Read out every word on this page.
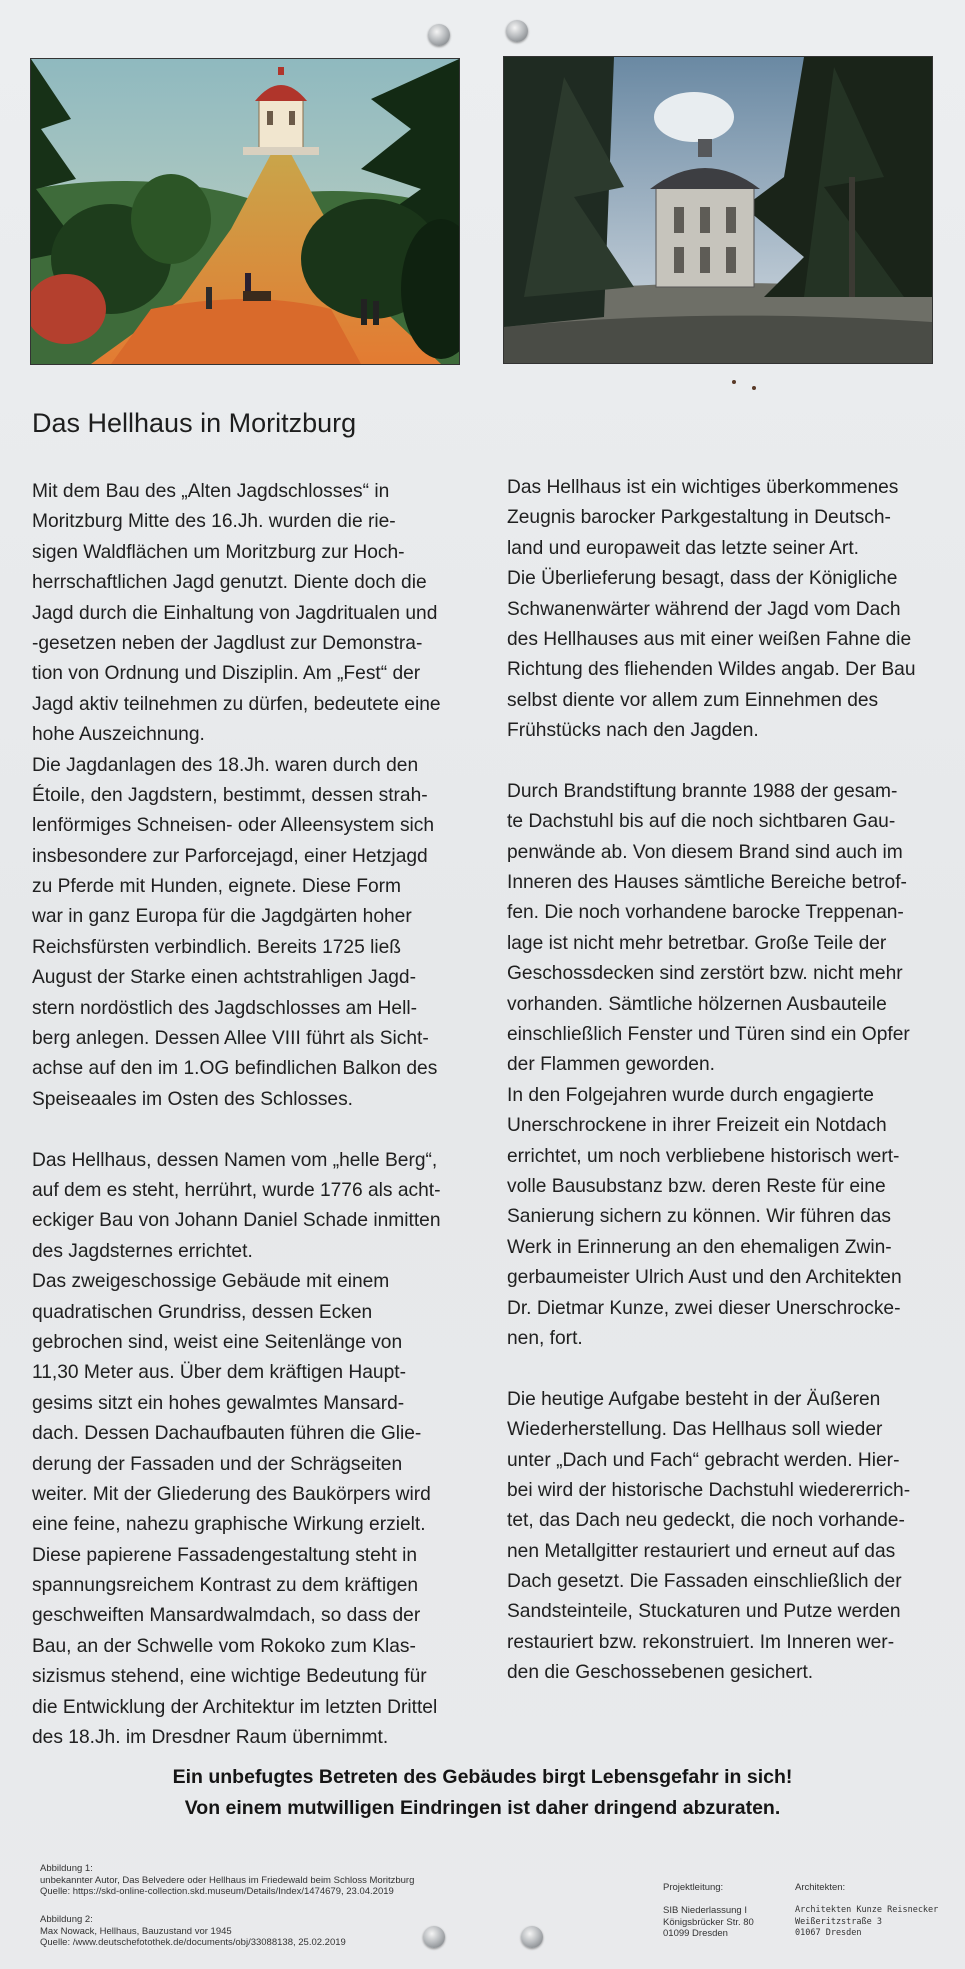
Das Hellhaus in Moritzburg
Mit dem Bau des „Alten Jagdschlosses“ in
Moritzburg Mitte des 16.Jh. wurden die rie-
sigen Waldflächen um Moritzburg zur Hoch-
herrschaftlichen Jagd genutzt. Diente doch die
Jagd durch die Einhaltung von Jagdritualen und
-gesetzen neben der Jagdlust zur Demonstra-
tion von Ordnung und Disziplin. Am „Fest“ der
Jagd aktiv teilnehmen zu dürfen, bedeutete eine
hohe Auszeichnung.
Die Jagdanlagen des 18.Jh. waren durch den
Étoile, den Jagdstern, bestimmt, dessen strah-
lenförmiges Schneisen- oder Alleensystem sich
insbesondere zur Parforcejagd, einer Hetzjagd
zu Pferde mit Hunden, eignete. Diese Form
war in ganz Europa für die Jagdgärten hoher
Reichsfürsten verbindlich. Bereits 1725 ließ
August der Starke einen achtstrahligen Jagd-
stern nordöstlich des Jagdschlosses am Hell-
berg anlegen. Dessen Allee VIII führt als Sicht-
achse auf den im 1.OG befindlichen Balkon des
Speiseaales im Osten des Schlosses.
Das Hellhaus, dessen Namen vom „helle Berg“,
auf dem es steht, herrührt, wurde 1776 als acht-
eckiger Bau von Johann Daniel Schade inmitten
des Jagdsternes errichtet.
Das zweigeschossige Gebäude mit einem
quadratischen Grundriss, dessen Ecken
gebrochen sind, weist eine Seitenlänge von
11,30 Meter aus. Über dem kräftigen Haupt-
gesims sitzt ein hohes gewalmtes Mansard-
dach. Dessen Dachaufbauten führen die Glie-
derung der Fassaden und der Schrägseiten
weiter. Mit der Gliederung des Baukörpers wird
eine feine, nahezu graphische Wirkung erzielt.
Diese papierene Fassadengestaltung steht in
spannungsreichem Kontrast zu dem kräftigen
geschweiften Mansardwalmdach, so dass der
Bau, an der Schwelle vom Rokoko zum Klas-
sizismus stehend, eine wichtige Bedeutung für
die Entwicklung der Architektur im letzten Drittel
des 18.Jh. im Dresdner Raum übernimmt.
Das Hellhaus ist ein wichtiges überkommenes
Zeugnis barocker Parkgestaltung in Deutsch-
land und europaweit das letzte seiner Art.
Die Überlieferung besagt, dass der Königliche
Schwanenwärter während der Jagd vom Dach
des Hellhauses aus mit einer weißen Fahne die
Richtung des fliehenden Wildes angab. Der Bau
selbst diente vor allem zum Einnehmen des
Frühstücks nach den Jagden.
Durch Brandstiftung brannte 1988 der gesam-
te Dachstuhl bis auf die noch sichtbaren Gau-
penwände ab. Von diesem Brand sind auch im
Inneren des Hauses sämtliche Bereiche betrof-
fen. Die noch vorhandene barocke Treppenan-
lage ist nicht mehr betretbar. Große Teile der
Geschossdecken sind zerstört bzw. nicht mehr
vorhanden. Sämtliche hölzernen Ausbauteile
einschließlich Fenster und Türen sind ein Opfer
der Flammen geworden.
In den Folgejahren wurde durch engagierte
Unerschrockene in ihrer Freizeit ein Notdach
errichtet, um noch verbliebene historisch wert-
volle Bausubstanz bzw. deren Reste für eine
Sanierung sichern zu können. Wir führen das
Werk in Erinnerung an den ehemaligen Zwin-
gerbaumeister Ulrich Aust und den Architekten
Dr. Dietmar Kunze, zwei dieser Unerschrocke-
nen, fort.
Die heutige Aufgabe besteht in der Äußeren
Wiederherstellung. Das Hellhaus soll wieder
unter „Dach und Fach“ gebracht werden. Hier-
bei wird der historische Dachstuhl wiedererrich-
tet, das Dach neu gedeckt, die noch vorhande-
nen Metallgitter restauriert und erneut auf das
Dach gesetzt. Die Fassaden einschließlich der
Sandsteinteile, Stuckaturen und Putze werden
restauriert bzw. rekonstruiert. Im Inneren wer-
den die Geschossebenen gesichert.
Ein unbefugtes Betreten des Gebäudes birgt Lebensgefahr in sich!
Von einem mutwilligen Eindringen ist daher dringend abzuraten.
Abbildung 1:
unbekannter Autor, Das Belvedere oder Hellhaus im Friedewald beim Schloss Moritzburg
Quelle: https://skd-online-collection.skd.museum/Details/Index/1474679, 23.04.2019
Abbildung 2:
Max Nowack, Hellhaus, Bauzustand vor 1945
Quelle: /www.deutschefotothek.de/documents/obj/33088138, 25.02.2019
Projektleitung:
SIB Niederlassung I
Königsbrücker Str. 80
01099 Dresden
Architekten:
Architekten Kunze Reisnecker
Weißeritzstraße 3
01067 Dresden
